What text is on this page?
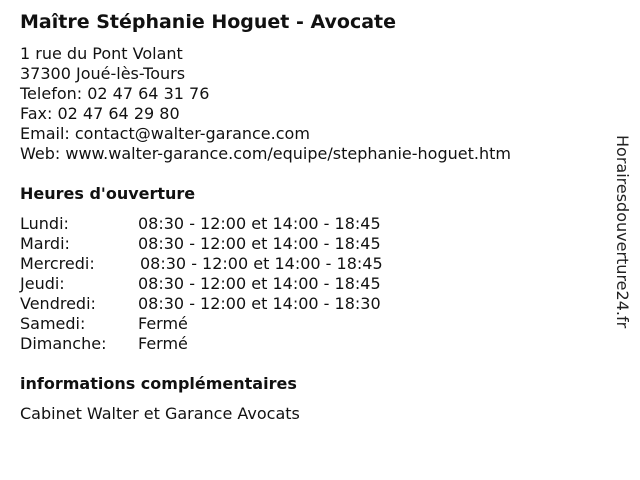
Maître Stéphanie Hoguet - Avocate
1 rue du Pont Volant
37300 Joué-lès-Tours
Telefon: 02 47 64 31 76
Fax: 02 47 64 29 80
Email: contact@walter-garance.com
Web: www.walter-garance.com/equipe/stephanie-hoguet.htm
Heures d'ouverture
Lundi:	08:30 - 12:00 et 14:00 - 18:45
Mardi:	08:30 - 12:00 et 14:00 - 18:45
Mercredi:	08:30 - 12:00 et 14:00 - 18:45
Jeudi:	08:30 - 12:00 et 14:00 - 18:45
Vendredi:	08:30 - 12:00 et 14:00 - 18:30
Samedi:	Fermé
Dimanche: Fermé
informations complémentaires
Cabinet Walter et Garance Avocats
Horairesdouverture24.fr
